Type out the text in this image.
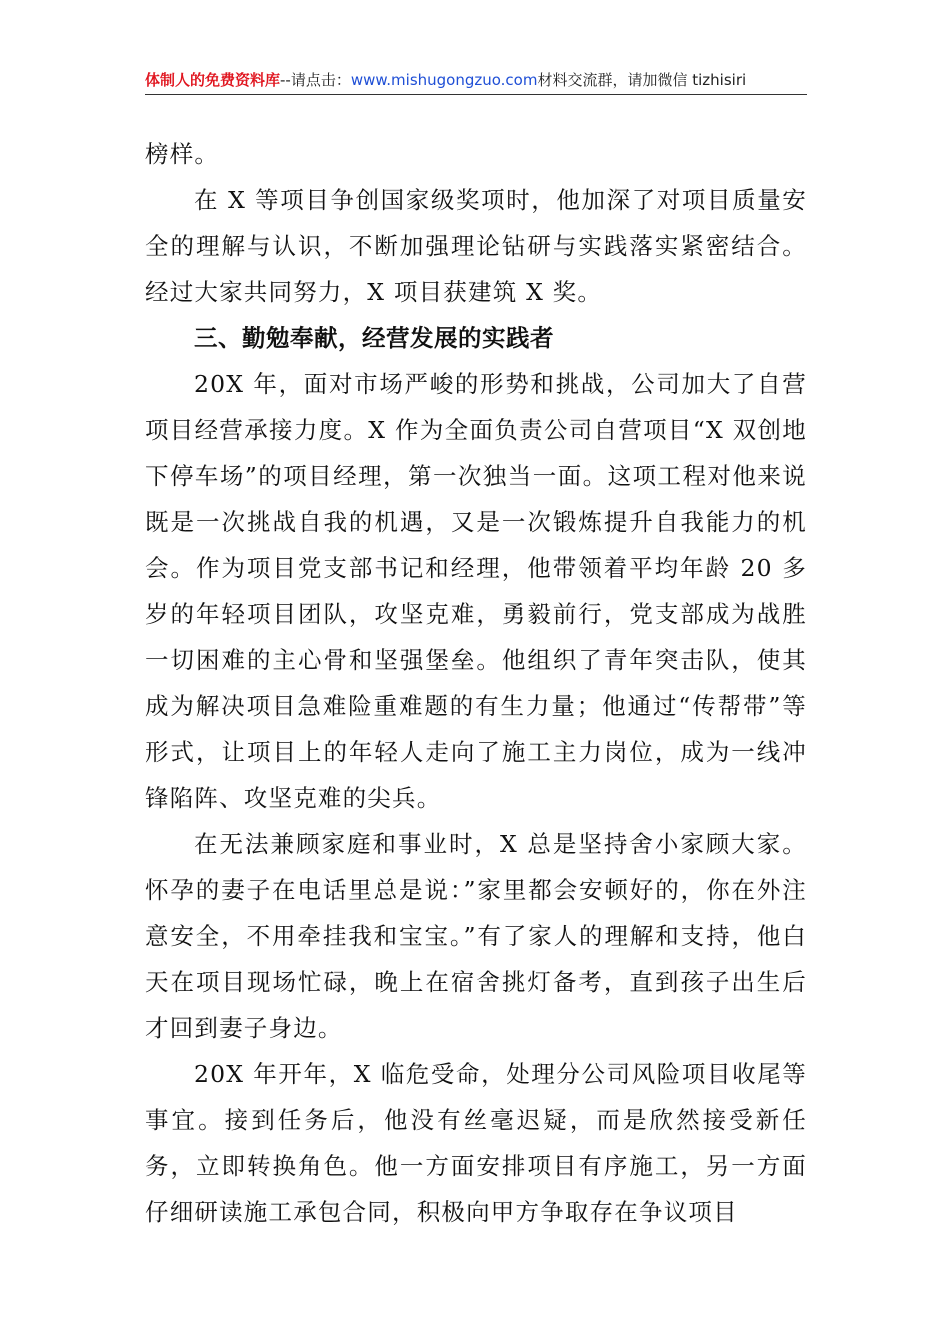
体制人的免费资料库--请点击：www.mishugongzuo.com材料交流群，请加微信 tizhisiri

榜样。

在 X 等项目争创国家级奖项时，他加深了对项目质量安全的理解与认识，不断加强理论钻研与实践落实紧密结合。经过大家共同努力，X 项目获建筑 X 奖。

三、勤勉奉献，经营发展的实践者

20X 年，面对市场严峻的形势和挑战，公司加大了自营项目经营承接力度。X 作为全面负责公司自营项目“X 双创地下停车场”的项目经理，第一次独当一面。这项工程对他来说既是一次挑战自我的机遇，又是一次锻炼提升自我能力的机会。作为项目党支部书记和经理，他带领着平均年龄 20 多岁的年轻项目团队，攻坚克难，勇毅前行，党支部成为战胜一切困难的主心骨和坚强堡垒。他组织了青年突击队，使其成为解决项目急难险重难题的有生力量；他通过“传帮带”等形式，让项目上的年轻人走向了施工主力岗位，成为一线冲锋陷阵、攻坚克难的尖兵。

在无法兼顾家庭和事业时，X 总是坚持舍小家顾大家。怀孕的妻子在电话里总是说：”家里都会安顿好的，你在外注意安全，不用牵挂我和宝宝。”有了家人的理解和支持，他白天在项目现场忙碌，晚上在宿舍挑灯备考，直到孩子出生后才回到妻子身边。

20X 年开年，X 临危受命，处理分公司风险项目收尾等事宜。接到任务后，他没有丝毫迟疑，而是欣然接受新任务，立即转换角色。他一方面安排项目有序施工，另一方面仔细研读施工承包合同，积极向甲方争取存在争议项目
